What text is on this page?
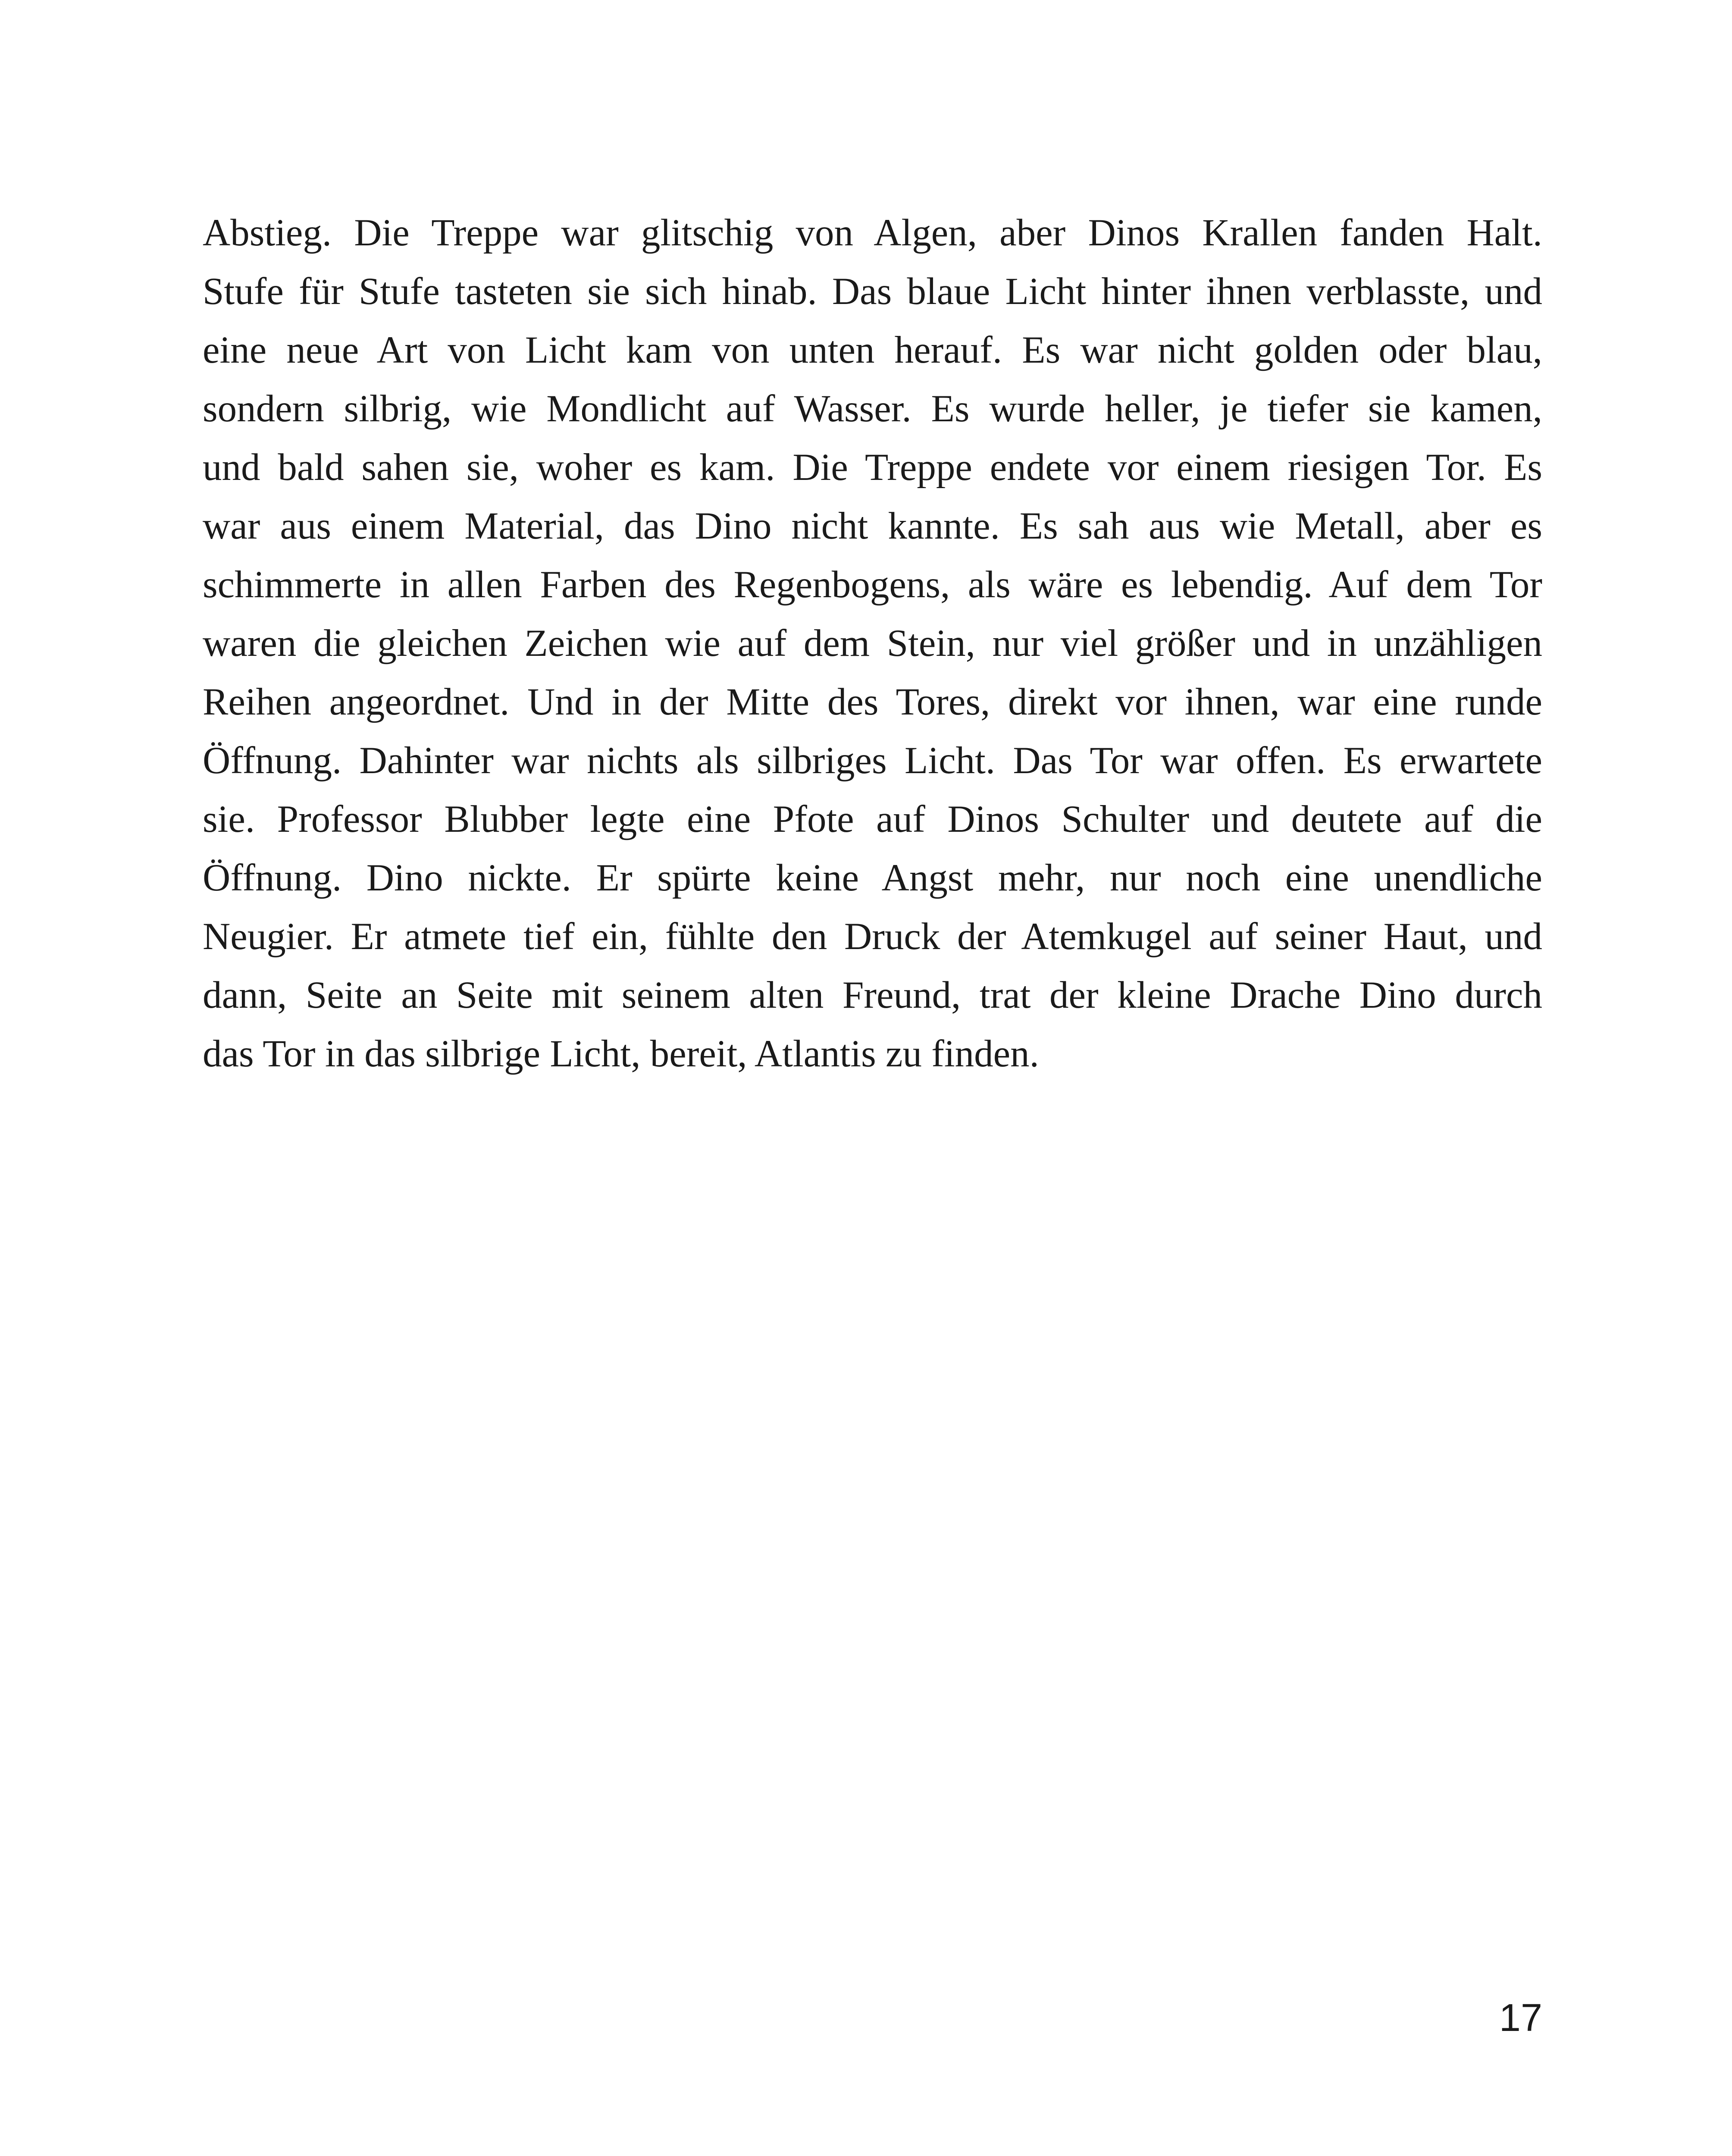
Abstieg. Die Treppe war glitschig von Algen, aber Dinos Krallen fanden Halt.
Stufe für Stufe tasteten sie sich hinab. Das blaue Licht hinter ihnen verblasste, und
eine neue Art von Licht kam von unten herauf. Es war nicht golden oder blau,
sondern silbrig, wie Mondlicht auf Wasser. Es wurde heller, je tiefer sie kamen,
und bald sahen sie, woher es kam. Die Treppe endete vor einem riesigen Tor. Es
war aus einem Material, das Dino nicht kannte. Es sah aus wie Metall, aber es
schimmerte in allen Farben des Regenbogens, als wäre es lebendig. Auf dem Tor
waren die gleichen Zeichen wie auf dem Stein, nur viel größer und in unzähligen
Reihen angeordnet. Und in der Mitte des Tores, direkt vor ihnen, war eine runde
Öffnung. Dahinter war nichts als silbriges Licht. Das Tor war offen. Es erwartete
sie. Professor Blubber legte eine Pfote auf Dinos Schulter und deutete auf die
Öffnung. Dino nickte. Er spürte keine Angst mehr, nur noch eine unendliche
Neugier. Er atmete tief ein, fühlte den Druck der Atemkugel auf seiner Haut, und
dann, Seite an Seite mit seinem alten Freund, trat der kleine Drache Dino durch
das Tor in das silbrige Licht, bereit, Atlantis zu finden.

17
